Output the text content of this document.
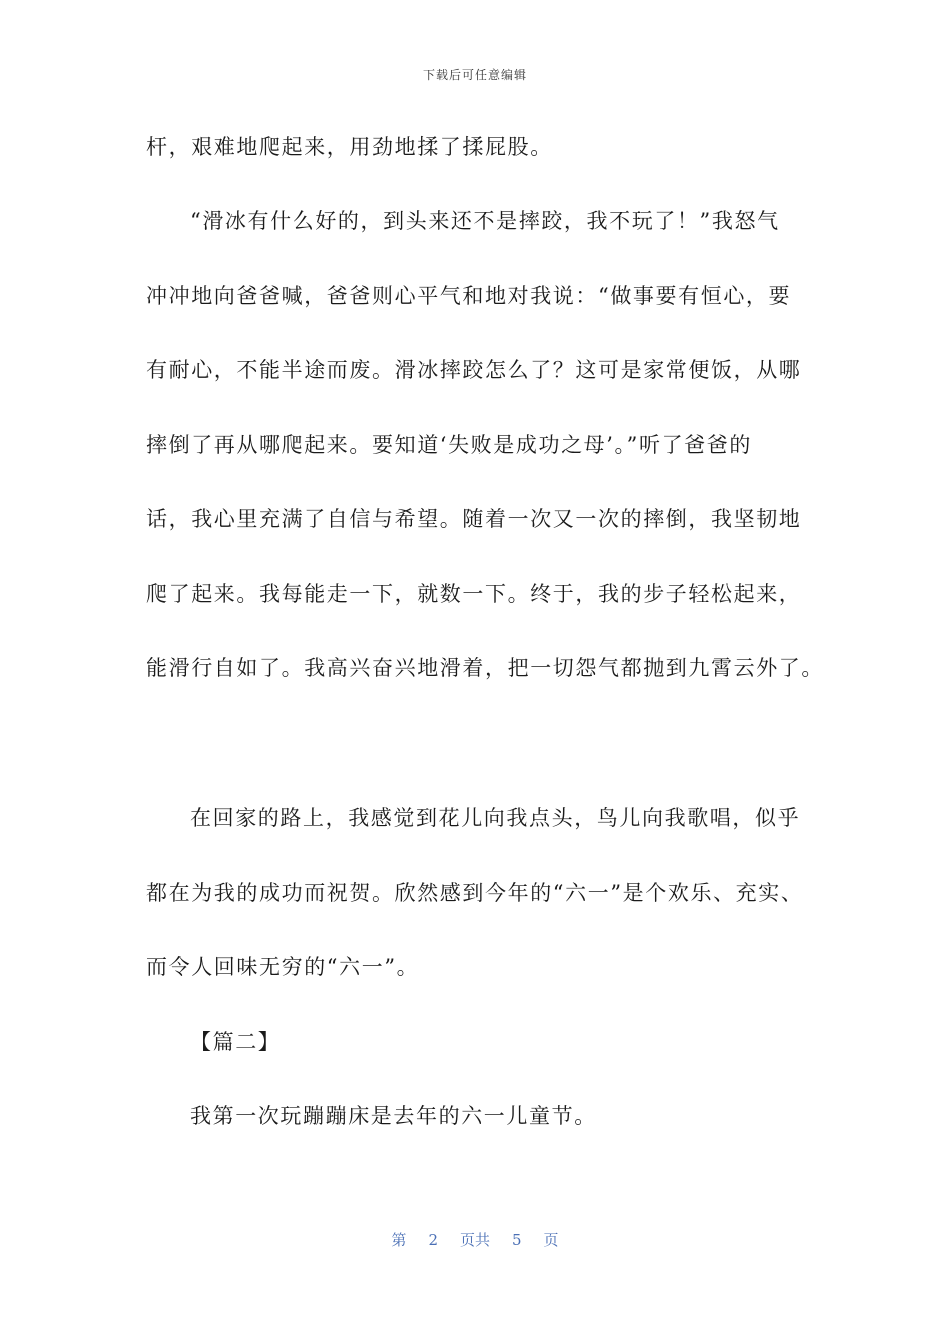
下载后可任意编辑
杆，艰难地爬起来，用劲地揉了揉屁股。
“滑冰有什么好的，到头来还不是摔跤，我不玩了！”我怒气
冲冲地向爸爸喊，爸爸则心平气和地对我说：“做事要有恒心，要
有耐心，不能半途而废。滑冰摔跤怎么了？这可是家常便饭，从哪
摔倒了再从哪爬起来。要知道‘失败是成功之母’。”听了爸爸的
话，我心里充满了自信与希望。随着一次又一次的摔倒，我坚韧地
爬了起来。我每能走一下，就数一下。终于，我的步子轻松起来，
能滑行自如了。我高兴奋兴地滑着，把一切怨气都抛到九霄云外了。
在回家的路上，我感觉到花儿向我点头，鸟儿向我歌唱，似乎
都在为我的成功而祝贺。欣然感到今年的“六一”是个欢乐、充实、
而令人回味无穷的“六一”。
【篇二】
我第一次玩蹦蹦床是去年的六一儿童节。
第 2 页共 5 页
